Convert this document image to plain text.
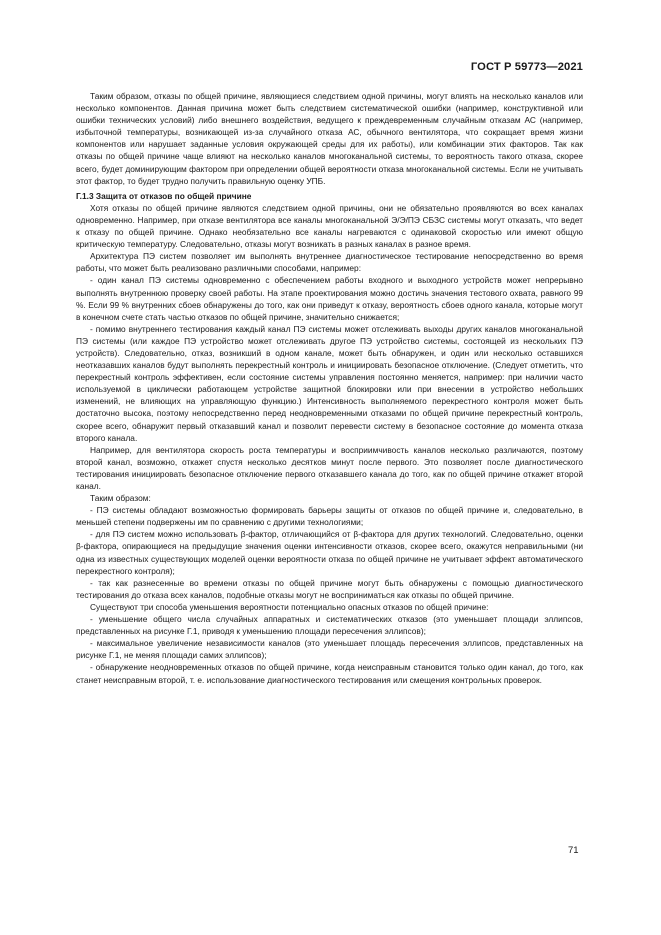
ГОСТ Р 59773—2021

Таким образом, отказы по общей причине, являющиеся следствием одной причины, могут влиять на несколько каналов или несколько компонентов. Данная причина может быть следствием систематической ошибки (например, конструктивной или ошибки технических условий) либо внешнего воздействия, ведущего к преждевременным случайным отказам АС (например, избыточной температуры, возникающей из-за случайного отказа АС, обычного вентилятора, что сокращает время жизни компонентов или нарушает заданные условия окружающей среды для их работы), или комбинации этих факторов. Так как отказы по общей причине чаще влияют на несколько каналов многоканальной системы, то вероятность такого отказа, скорее всего, будет доминирующим фактором при определении общей вероятности отказа многоканальной системы. Если не учитывать этот фактор, то будет трудно получить правильную оценку УПБ.

Г.1.3 Защита от отказов по общей причине

Хотя отказы по общей причине являются следствием одной причины, они не обязательно проявляются во всех каналах одновременно. Например, при отказе вентилятора все каналы многоканальной Э/Э/ПЭ СБЗС системы могут отказать, что ведет к отказу по общей причине. Однако необязательно все каналы нагреваются с одинаковой скоростью или имеют общую критическую температуру. Следовательно, отказы могут возникать в разных каналах в разное время.

Архитектура ПЭ систем позволяет им выполнять внутреннее диагностическое тестирование непосредственно во время работы, что может быть реализовано различными способами, например:

- один канал ПЭ системы одновременно с обеспечением работы входного и выходного устройств может непрерывно выполнять внутреннюю проверку своей работы. На этапе проектирования можно достичь значения тестового охвата, равного 99 %. Если 99 % внутренних сбоев обнаружены до того, как они приведут к отказу, вероятность сбоев одного канала, которые могут в конечном счете стать частью отказов по общей причине, значительно снижается;

- помимо внутреннего тестирования каждый канал ПЭ системы может отслеживать выходы других каналов многоканальной ПЭ системы (или каждое ПЭ устройство может отслеживать другое ПЭ устройство системы, состоящей из нескольких ПЭ устройств). Следовательно, отказ, возникший в одном канале, может быть обнаружен, и один или несколько оставшихся неотказавших каналов будут выполнять перекрестный контроль и инициировать безопасное отключение. (Следует отметить, что перекрестный контроль эффективен, если состояние системы управления постоянно меняется, например: при наличии часто используемой в циклически работающем устройстве защитной блокировки или при внесении в устройство небольших изменений, не влияющих на управляющую функцию.) Интенсивность выполняемого перекрестного контроля может быть достаточно высока, поэтому непосредственно перед неодновременными отказами по общей причине перекрестный контроль, скорее всего, обнаружит первый отказавший канал и позволит перевести систему в безопасное состояние до момента отказа второго канала.

Например, для вентилятора скорость роста температуры и восприимчивость каналов несколько различаются, поэтому второй канал, возможно, откажет спустя несколько десятков минут после первого. Это позволяет после диагностического тестирования инициировать безопасное отключение первого отказавшего канала до того, как по общей причине откажет второй канал.

Таким образом:

- ПЭ системы обладают возможностью формировать барьеры защиты от отказов по общей причине и, следовательно, в меньшей степени подвержены им по сравнению с другими технологиями;

- для ПЭ систем можно использовать β-фактор, отличающийся от β-фактора для других технологий. Следовательно, оценки β-фактора, опирающиеся на предыдущие значения оценки интенсивности отказов, скорее всего, окажутся неправильными (ни одна из известных существующих моделей оценки вероятности отказа по общей причине не учитывает эффект автоматического перекрестного контроля);

- так как разнесенные во времени отказы по общей причине могут быть обнаружены с помощью диагностического тестирования до отказа всех каналов, подобные отказы могут не восприниматься как отказы по общей причине.

Существуют три способа уменьшения вероятности потенциально опасных отказов по общей причине:

- уменьшение общего числа случайных аппаратных и систематических отказов (это уменьшает площади эллипсов, представленных на рисунке Г.1, приводя к уменьшению площади пересечения эллипсов);

- максимальное увеличение независимости каналов (это уменьшает площадь пересечения эллипсов, представленных на рисунке Г.1, не меняя площади самих эллипсов);

- обнаружение неодновременных отказов по общей причине, когда неисправным становится только один канал, до того, как станет неисправным второй, т. е. использование диагностического тестирования или смещения контрольных проверок.

71
